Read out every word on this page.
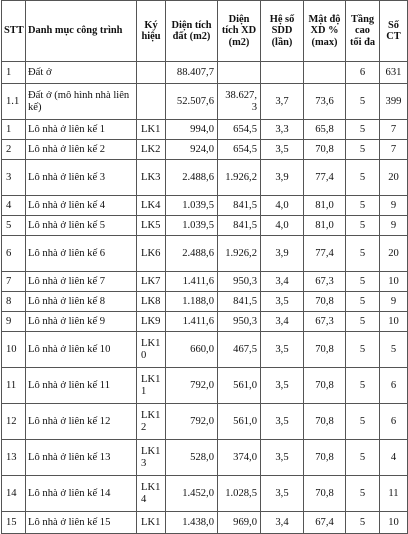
STT	Danh mục công trình	Ký hiệu	Diện tích đất (m2)	Diện tích XD (m2)	Hệ số SDD (lần)	Mật độ XD % (max)	Tầng cao tối đa	Số CT
1	Đất ở		88.407,7				6	631
1.1	Đất ở (mô hình nhà liên kế)		52.507,6	38.627,3	3,7	73,6	5	399
1	Lô nhà ở liên kế 1	LK1	994,0	654,5	3,3	65,8	5	7
2	Lô nhà ở liên kế 2	LK2	924,0	654,5	3,5	70,8	5	7
3	Lô nhà ở liên kế 3	LK3	2.488,6	1.926,2	3,9	77,4	5	20
4	Lô nhà ở liên kế 4	LK4	1.039,5	841,5	4,0	81,0	5	9
5	Lô nhà ở liên kế 5	LK5	1.039,5	841,5	4,0	81,0	5	9
6	Lô nhà ở liên kế 6	LK6	2.488,6	1.926,2	3,9	77,4	5	20
7	Lô nhà ở liên kế 7	LK7	1.411,6	950,3	3,4	67,3	5	10
8	Lô nhà ở liên kế 8	LK8	1.188,0	841,5	3,5	70,8	5	9
9	Lô nhà ở liên kế 9	LK9	1.411,6	950,3	3,4	67,3	5	10
10	Lô nhà ở liên kế 10	LK10	660,0	467,5	3,5	70,8	5	5
11	Lô nhà ở liên kế 11	LK11	792,0	561,0	3,5	70,8	5	6
12	Lô nhà ở liên kế 12	LK12	792,0	561,0	3,5	70,8	5	6
13	Lô nhà ở liên kế 13	LK13	528,0	374,0	3,5	70,8	5	4
14	Lô nhà ở liên kế 14	LK14	1.452,0	1.028,5	3,5	70,8	5	11
15	Lô nhà ở liên kế 15	LK1	1.438,0	969,0	3,4	67,4	5	10
